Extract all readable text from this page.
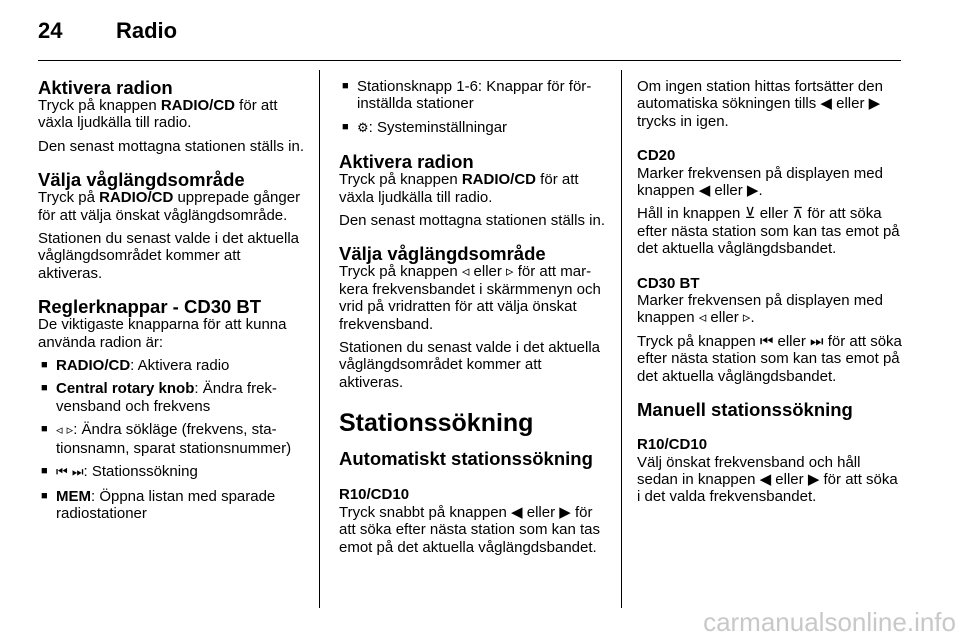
24 Radio
Aktivera radion

Tryck på knappen RADIO/CD för att växla ljudkälla till radio.

Den senast mottagna stationen ställs in.

Välja våglängdsområde

Tryck på RADIO/CD upprepade gånger för att välja önskat våglängdsområde.

Stationen du senast valde i det aktuella våglängdsområdet kommer att aktiveras.

Reglerknappar - CD30 BT

De viktigaste knapparna för att kunna använda radion är:

■ RADIO/CD: Aktivera radio
■ Central rotary knob: Ändra frekvensband och frekvens
■ ◃ ▹: Ändra sökläge (frekvens, stationsnamn, sparat stationsnummer)
■ ⏮ ⏭: Stationssökning
■ MEM: Öppna listan med sparade radiostationer
■ Stationsknapp 1-6: Knappar för förinställda stationer
■ ⚙: Systeminställningar
Aktivera radion

Tryck på knappen RADIO/CD för att växla ljudkälla till radio.

Den senast mottagna stationen ställs in.

Välja våglängdsområde

Tryck på knappen ◃ eller ▹ för att markera frekvensbandet i skärmmenyn och vrid på vridratten för att välja önskat frekvensband.

Stationen du senast valde i det aktuella våglängdsområdet kommer att aktiveras.

Stationssökning
Automatiskt stationssökning
R10/CD10

Tryck snabbt på knappen ◀ eller ▶ för att söka efter nästa station som kan tas emot på det aktuella våglängdsbandet.

Om ingen station hittas fortsätter den automatiska sökningen tills ◀ eller ▶ trycks in igen.

CD20

Marker frekvensen på displayen med knappen ◀ eller ▶.

Håll in knappen ⊻ eller ⊼ för att söka efter nästa station som kan tas emot på det aktuella våglängdsbandet.

CD30 BT

Marker frekvensen på displayen med knappen ◃ eller ▹.

Tryck på knappen ⏮ eller ⏭ för att söka efter nästa station som kan tas emot på det aktuella våglängdsbandet.

Manuell stationssökning
R10/CD10

Välj önskat frekvensband och håll sedan in knappen ◀ eller ▶ för att söka i det valda frekvensbandet.

carmanualsonline.info
